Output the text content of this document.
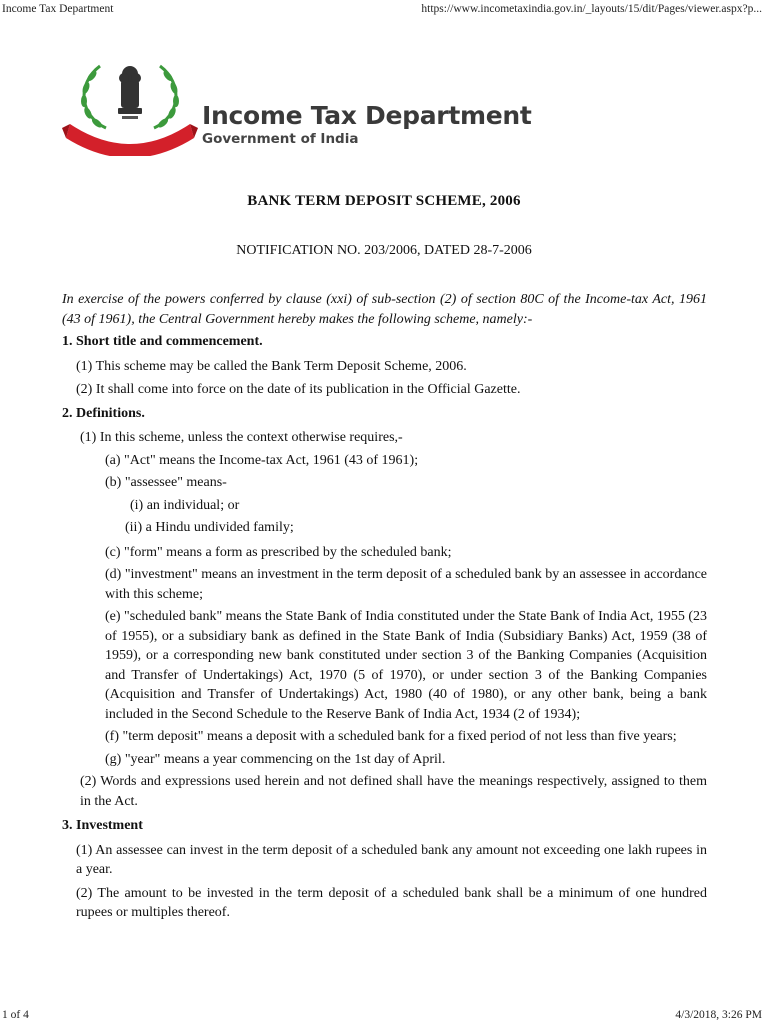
Income Tax Department	https://www.incometaxindia.gov.in/_layouts/15/dit/Pages/viewer.aspx?p...
Income Tax Department
Government of India
BANK TERM DEPOSIT SCHEME, 2006
NOTIFICATION NO. 203/2006, DATED 28-7-2006

In exercise of the powers conferred by clause (xxi) of sub-section (2) of section 80C of the Income-tax Act, 1961 (43 of 1961), the Central Government hereby makes the following scheme, namely:-

1. Short title and commencement.

(1) This scheme may be called the Bank Term Deposit Scheme, 2006.

(2) It shall come into force on the date of its publication in the Official Gazette.

2. Definitions.

(1) In this scheme, unless the context otherwise requires,-

(a) "Act" means the Income-tax Act, 1961 (43 of 1961);

(b) "assessee" means-

(i) an individual; or

(ii) a Hindu undivided family;

(c) "form" means a form as prescribed by the scheduled bank;

(d) "investment" means an investment in the term deposit of a scheduled bank by an assessee in accordance with this scheme;

(e) "scheduled bank" means the State Bank of India constituted under the State Bank of India Act, 1955 (23 of 1955), or a subsidiary bank as defined in the State Bank of India (Subsidiary Banks) Act, 1959 (38 of 1959), or a corresponding new bank constituted under section 3 of the Banking Companies (Acquisition and Transfer of Undertakings) Act, 1970 (5 of 1970), or under section 3 of the Banking Companies (Acquisition and Transfer of Undertakings) Act, 1980 (40 of 1980), or any other bank, being a bank included in the Second Schedule to the Reserve Bank of India Act, 1934 (2 of 1934);

(f) "term deposit" means a deposit with a scheduled bank for a fixed period of not less than five years;

(g) "year" means a year commencing on the 1st day of April.

(2) Words and expressions used herein and not defined shall have the meanings respectively, assigned to them in the Act.

3. Investment

(1) An assessee can invest in the term deposit of a scheduled bank any amount not exceeding one lakh rupees in a year.

(2) The amount to be invested in the term deposit of a scheduled bank shall be a minimum of one hundred rupees or multiples thereof.

1 of 4	4/3/2018, 3:26 PM
